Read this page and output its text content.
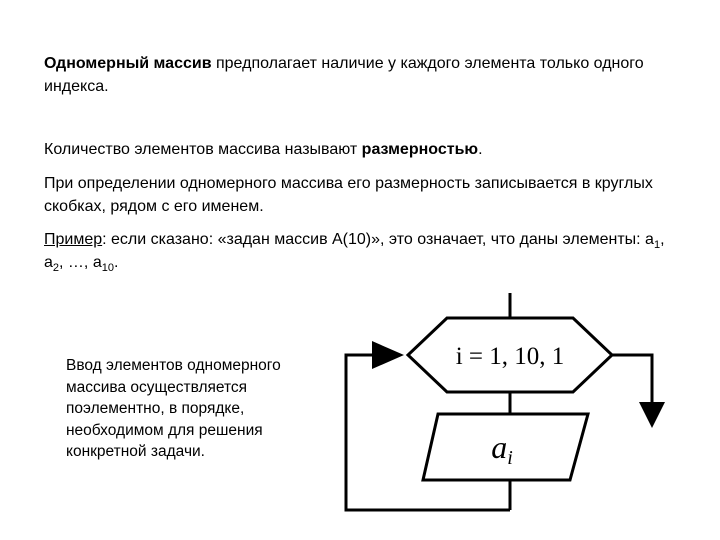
Одномерный массив предполагает наличие у каждого элемента только одного индекса.

Количество элементов массива называют размерностью.

При определении одномерного массива его размерность записывается в круглых скобках, рядом с его именем.

Пример: если сказано: «задан массив A(10)», это означает, что даны элементы: $a_1$, $a_2$, …, $a_{10}$.

i = 1, 10, 1
ai
Ввод элементов одномерного массива осуществляется поэлементно, в порядке, необходимом для решения конкретной задачи.
